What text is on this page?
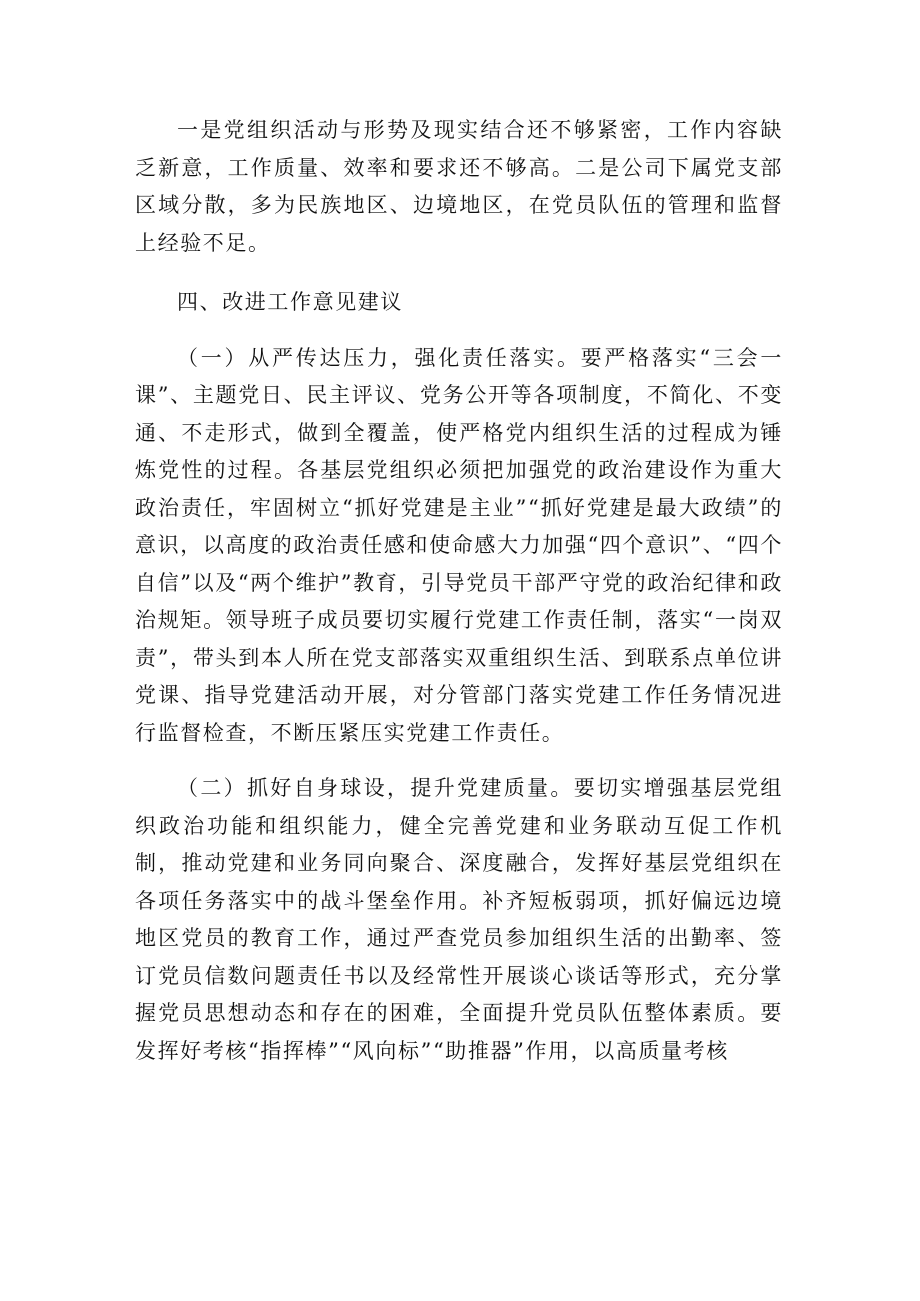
一是党组织活动与形势及现实结合还不够紧密，工作内容缺乏新意，工作质量、效率和要求还不够高。二是公司下属党支部区域分散，多为民族地区、边境地区，在党员队伍的管理和监督上经验不足。

四、改进工作意见建议

（一）从严传达压力，强化责任落实。要严格落实“三会一课”、主题党日、民主评议、党务公开等各项制度，不简化、不变通、不走形式，做到全覆盖，使严格党内组织生活的过程成为锤炼党性的过程。各基层党组织必须把加强党的政治建设作为重大政治责任，牢固树立“抓好党建是主业”“抓好党建是最大政绩”的意识，以高度的政治责任感和使命感大力加强“四个意识”、“四个自信”以及“两个维护”教育，引导党员干部严守党的政治纪律和政治规矩。领导班子成员要切实履行党建工作责任制，落实“一岗双责”，带头到本人所在党支部落实双重组织生活、到联系点单位讲党课、指导党建活动开展，对分管部门落实党建工作任务情况进行监督检查，不断压紧压实党建工作责任。

（二）抓好自身球设，提升党建质量。要切实增强基层党组织政治功能和组织能力，健全完善党建和业务联动互促工作机制，推动党建和业务同向聚合、深度融合，发挥好基层党组织在各项任务落实中的战斗堡垒作用。补齐短板弱项，抓好偏远边境地区党员的教育工作，通过严查党员参加组织生活的出勤率、签订党员信数问题责任书以及经常性开展谈心谈话等形式，充分掌握党员思想动态和存在的困难，全面提升党员队伍整体素质。要发挥好考核“指挥棒”“风向标”“助推器”作用，以高质量考核
